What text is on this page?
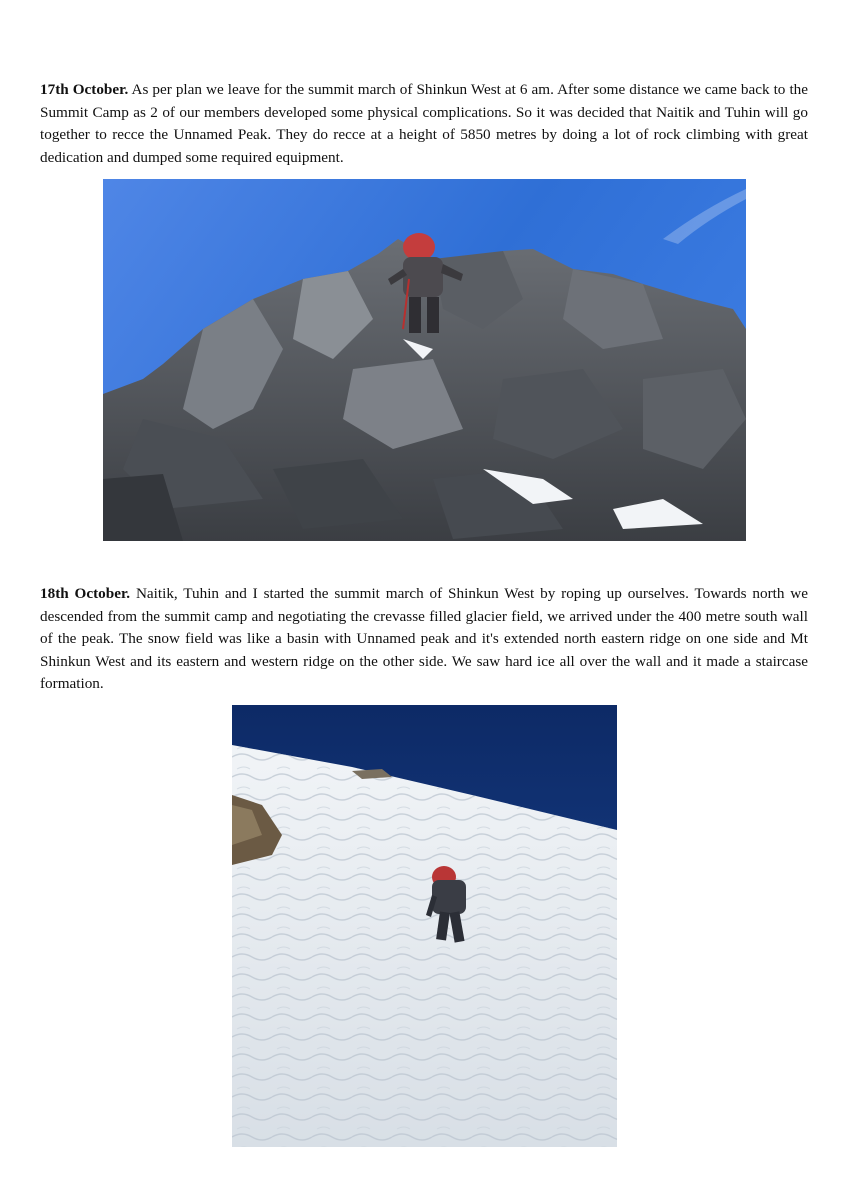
17th October. As per plan we leave for the summit march of Shinkun West at 6 am. After some distance we came back to the Summit Camp as 2 of our members developed some physical complications. So it was decided that Naitik and Tuhin will go together to recce the Unnamed Peak. They do recce at a height of 5850 metres by doing a lot of rock climbing with great dedication and dumped some required equipment.

18th October. Naitik, Tuhin and I started the summit march of Shinkun West by roping up ourselves. Towards north we descended from the summit camp and negotiating the crevasse filled glacier field, we arrived under the 400 metre south wall of the peak. The snow field was like a basin with Unnamed peak and it's extended north eastern ridge on one side and Mt Shinkun West and its eastern and western ridge on the other side. We saw hard ice all over the wall and it made a staircase formation.
